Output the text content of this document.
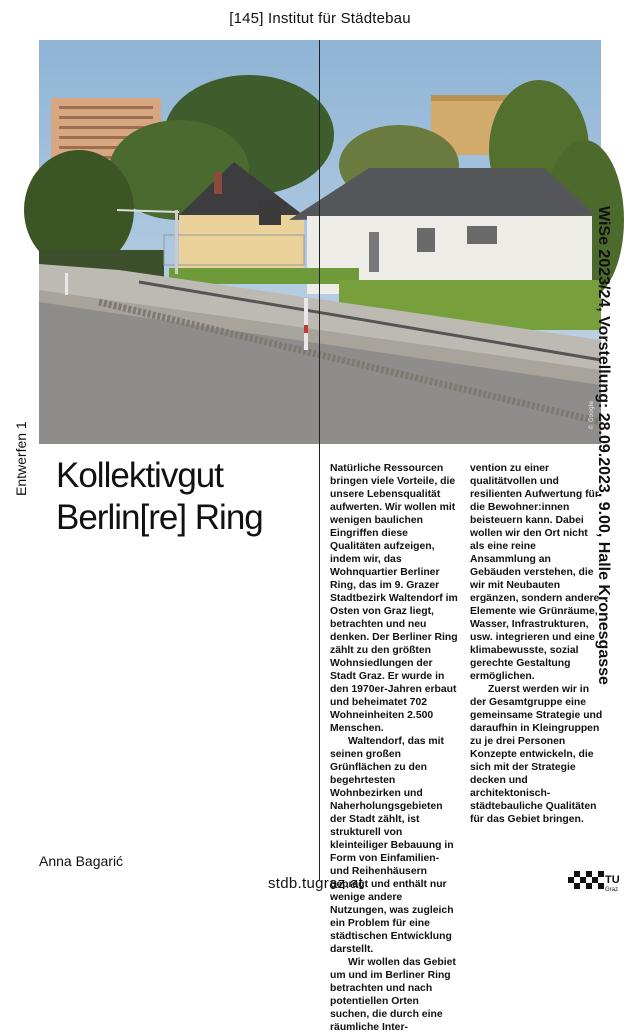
[145] Institut für Städtebau
© Google
Entwerfen 1	WiSe 2023/24, Vorstellung: 28.09.2023, 9.00, Halle Kronesgasse
Kollektivgut
Berlin[re] Ring

Natürliche Ressourcen bringen viele Vorteile, die unsere Lebensqualität aufwerten. Wir wollen mit wenigen baulichen Eingriffen diese Qualitäten aufzeigen, indem wir, das Wohnquartier Berliner Ring, das im 9. Grazer Stadtbezirk Waltendorf im Osten von Graz liegt, betrachten und neu denken. Der Berliner Ring zählt zu den größten Wohnsiedlungen der Stadt Graz. Er wurde in den 1970er-Jahren erbaut und beheimatet 702 Wohneinheiten 2.500 Menschen.

Waltendorf, das mit seinen großen Grünflächen zu den begehrtesten Wohnbezirken und Naherholungsgebieten der Stadt zählt, ist strukturell von kleinteiliger Bebauung in Form von Einfamilien- und Reihenhäusern geprägt und enthält nur wenige andere Nutzungen, was zugleich ein Problem für eine städtischen Entwicklung darstellt.

Wir wollen das Gebiet um und im Berliner Ring betrachten und nach potentiellen Orten suchen, die durch eine räumliche Inter-

vention zu einer qualitätvollen und resilienten Aufwertung für die Bewohner:innen beisteuern kann. Dabei wollen wir den Ort nicht als eine reine Ansammlung an Gebäuden verstehen, die wir mit Neubauten ergänzen, sondern andere Elemente wie Grünräume, Wasser, Infrastrukturen, usw. integrieren und eine klimabewusste, sozial gerechte Gestaltung ermöglichen.

Zuerst werden wir in der Gesamtgruppe eine gemeinsame Strategie und daraufhin in Kleingruppen zu je drei Personen Konzepte entwickeln, die sich mit der Strategie decken und architektonisch-städtebauliche Qualitäten für das Gebiet bringen.

Anna Bagarić
stdb.tugraz.at	TU
Graz
